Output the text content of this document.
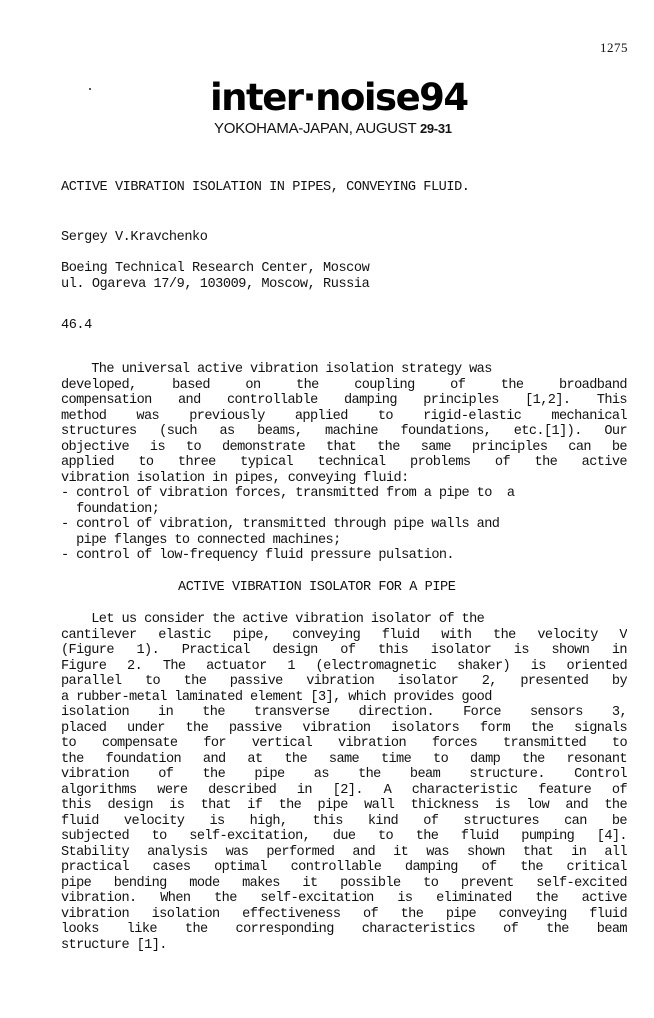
1275
inter·noise94
YOKOHAMA-JAPAN, AUGUST 29-31
ACTIVE VIBRATION ISOLATION IN PIPES, CONVEYING FLUID.
Sergey V.Kravchenko
Boeing Technical Research Center, Moscow
ul. Ogareva 17/9, 103009, Moscow, Russia
46.4
The universal active vibration isolation strategy was
developed, based on the coupling of the broadband
compensation and controllable damping principles [1,2]. This
method was previously applied to rigid-elastic mechanical
structures (such as beams, machine foundations, etc.[1]). Our
objective is to demonstrate that the same principles can be
applied to three typical technical problems of the active
vibration isolation in pipes, conveying fluid:
- control of vibration forces, transmitted from a pipe to  a
foundation;
- control of vibration, transmitted through pipe walls and
pipe flanges to connected machines;
- control of low-frequency fluid pressure pulsation.
ACTIVE VIBRATION ISOLATOR FOR A PIPE
Let us consider the active vibration isolator of the
cantilever elastic pipe, conveying fluid with the velocity V
(Figure 1). Practical design of this isolator is shown in
Figure 2. The actuator 1 (electromagnetic shaker) is oriented
parallel to the passive vibration isolator 2, presented by
a rubber-metal laminated element [3], which provides good
isolation in the transverse direction. Force sensors 3,
placed under the passive vibration isolators form the signals
to compensate for vertical vibration forces transmitted to
the foundation and at the same time to damp the resonant
vibration of the pipe as the beam structure. Control
algorithms were described in [2]. A characteristic feature of
this design is that if the pipe wall thickness is low and the
fluid velocity is high, this kind of structures can be
subjected to self-excitation, due to the fluid pumping [4].
Stability analysis was performed and it was shown that in all
practical cases optimal controllable damping of the critical
pipe bending mode makes it possible to prevent self-excited
vibration. When the self-excitation is eliminated the active
vibration isolation effectiveness of the pipe conveying fluid
looks like the corresponding characteristics of the beam
structure [1].
